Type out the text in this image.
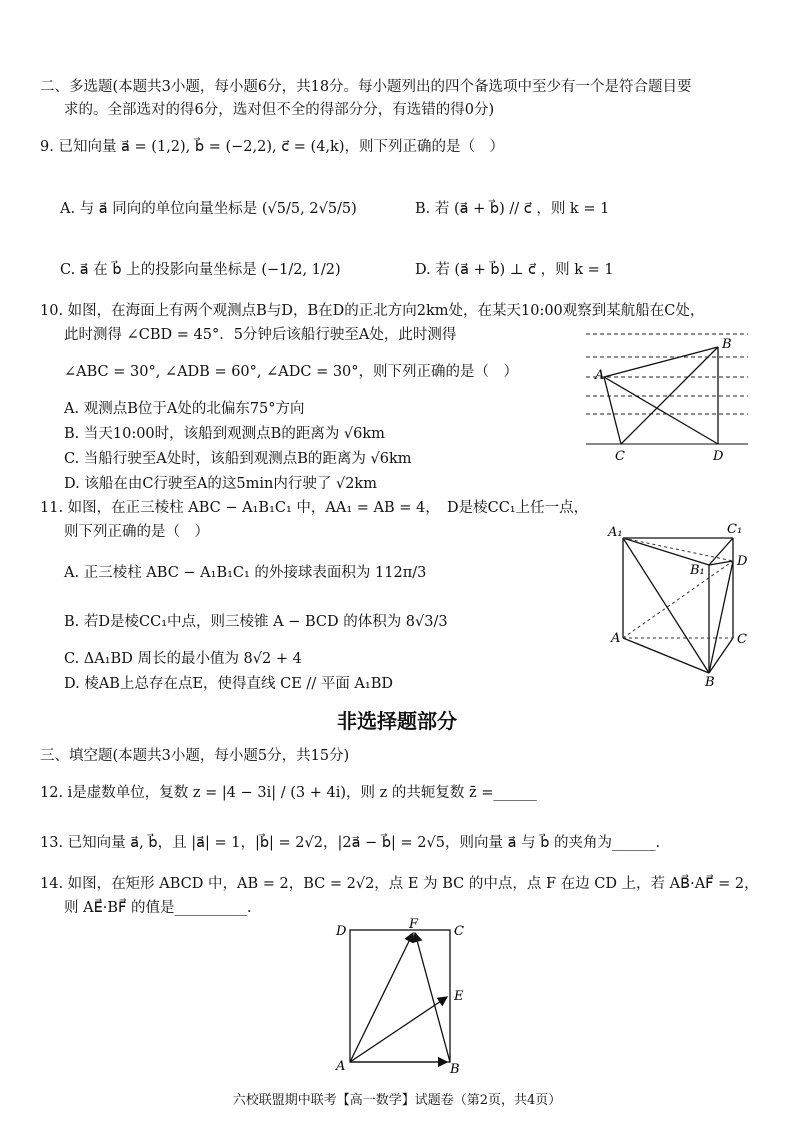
二、多选题(本题共3小题，每小题6分，共18分。每小题列出的四个备选项中至少有一个是符合题目要
求的。全部选对的得6分，选对但不全的得部分分，有选错的得0分)
9. 已知向量 a⃗ = (1,2), b⃗ = (−2,2), c⃗ = (4,k)，则下列正确的是（　）
A. 与 a⃗ 同向的单位向量坐标是 (√5/5, 2√5/5)	B. 若 (a⃗ + b⃗) // c⃗ ，则 k = 1
C. a⃗ 在 b⃗ 上的投影向量坐标是 (−1/2, 1/2)	D. 若 (a⃗ + b⃗) ⊥ c⃗ ，则 k = 1
10. 如图，在海面上有两个观测点B与D，B在D的正北方向2km处，在某天10:00观察到某航船在C处，
此时测得 ∠CBD = 45°．5分钟后该船行驶至A处，此时测得
∠ABC = 30°, ∠ADB = 60°, ∠ADC = 30°，则下列正确的是（　）
A. 观测点B位于A处的北偏东75°方向
B. 当天10:00时，该船到观测点B的距离为 √6km
C. 当船行驶至A处时，该船到观测点B的距离为 √6km
D. 该船在由C行驶至A的这5min内行驶了 √2km
A
B
C	D
11. 如图，在正三棱柱 ABC − A₁B₁C₁ 中，AA₁ = AB = 4，　D是棱CC₁上任一点，
则下列正确的是（　）
A. 正三棱柱 ABC − A₁B₁C₁ 的外接球表面积为 112π/3
B. 若D是棱CC₁中点，则三棱锥 A − BCD 的体积为 8√3/3
C. ΔA₁BD 周长的最小值为 8√2 + 4
D. 棱AB上总存在点E，使得直线 CE // 平面 A₁BD
A₁	C₁
B₁
D
A	C
B
非选择题部分
三、填空题(本题共3小题，每小题5分，共15分)
12. i是虚数单位，复数 z = |4 − 3i| / (3 + 4i)，则 z 的共轭复数 z̄ =______
13. 已知向量 a⃗, b⃗，且 |a⃗| = 1，|b⃗| = 2√2，|2a⃗ − b⃗| = 2√5，则向量 a⃗ 与 b⃗ 的夹角为______.
14. 如图，在矩形 ABCD 中，AB = 2，BC = 2√2，点 E 为 BC 的中点，点 F 在边 CD 上，若 AB⃗·AF⃗ = 2，
则 AE⃗·BF⃗ 的值是__________.
D	F	C
E
A	B
六校联盟期中联考【高一数学】试题卷（第2页，共4页）
